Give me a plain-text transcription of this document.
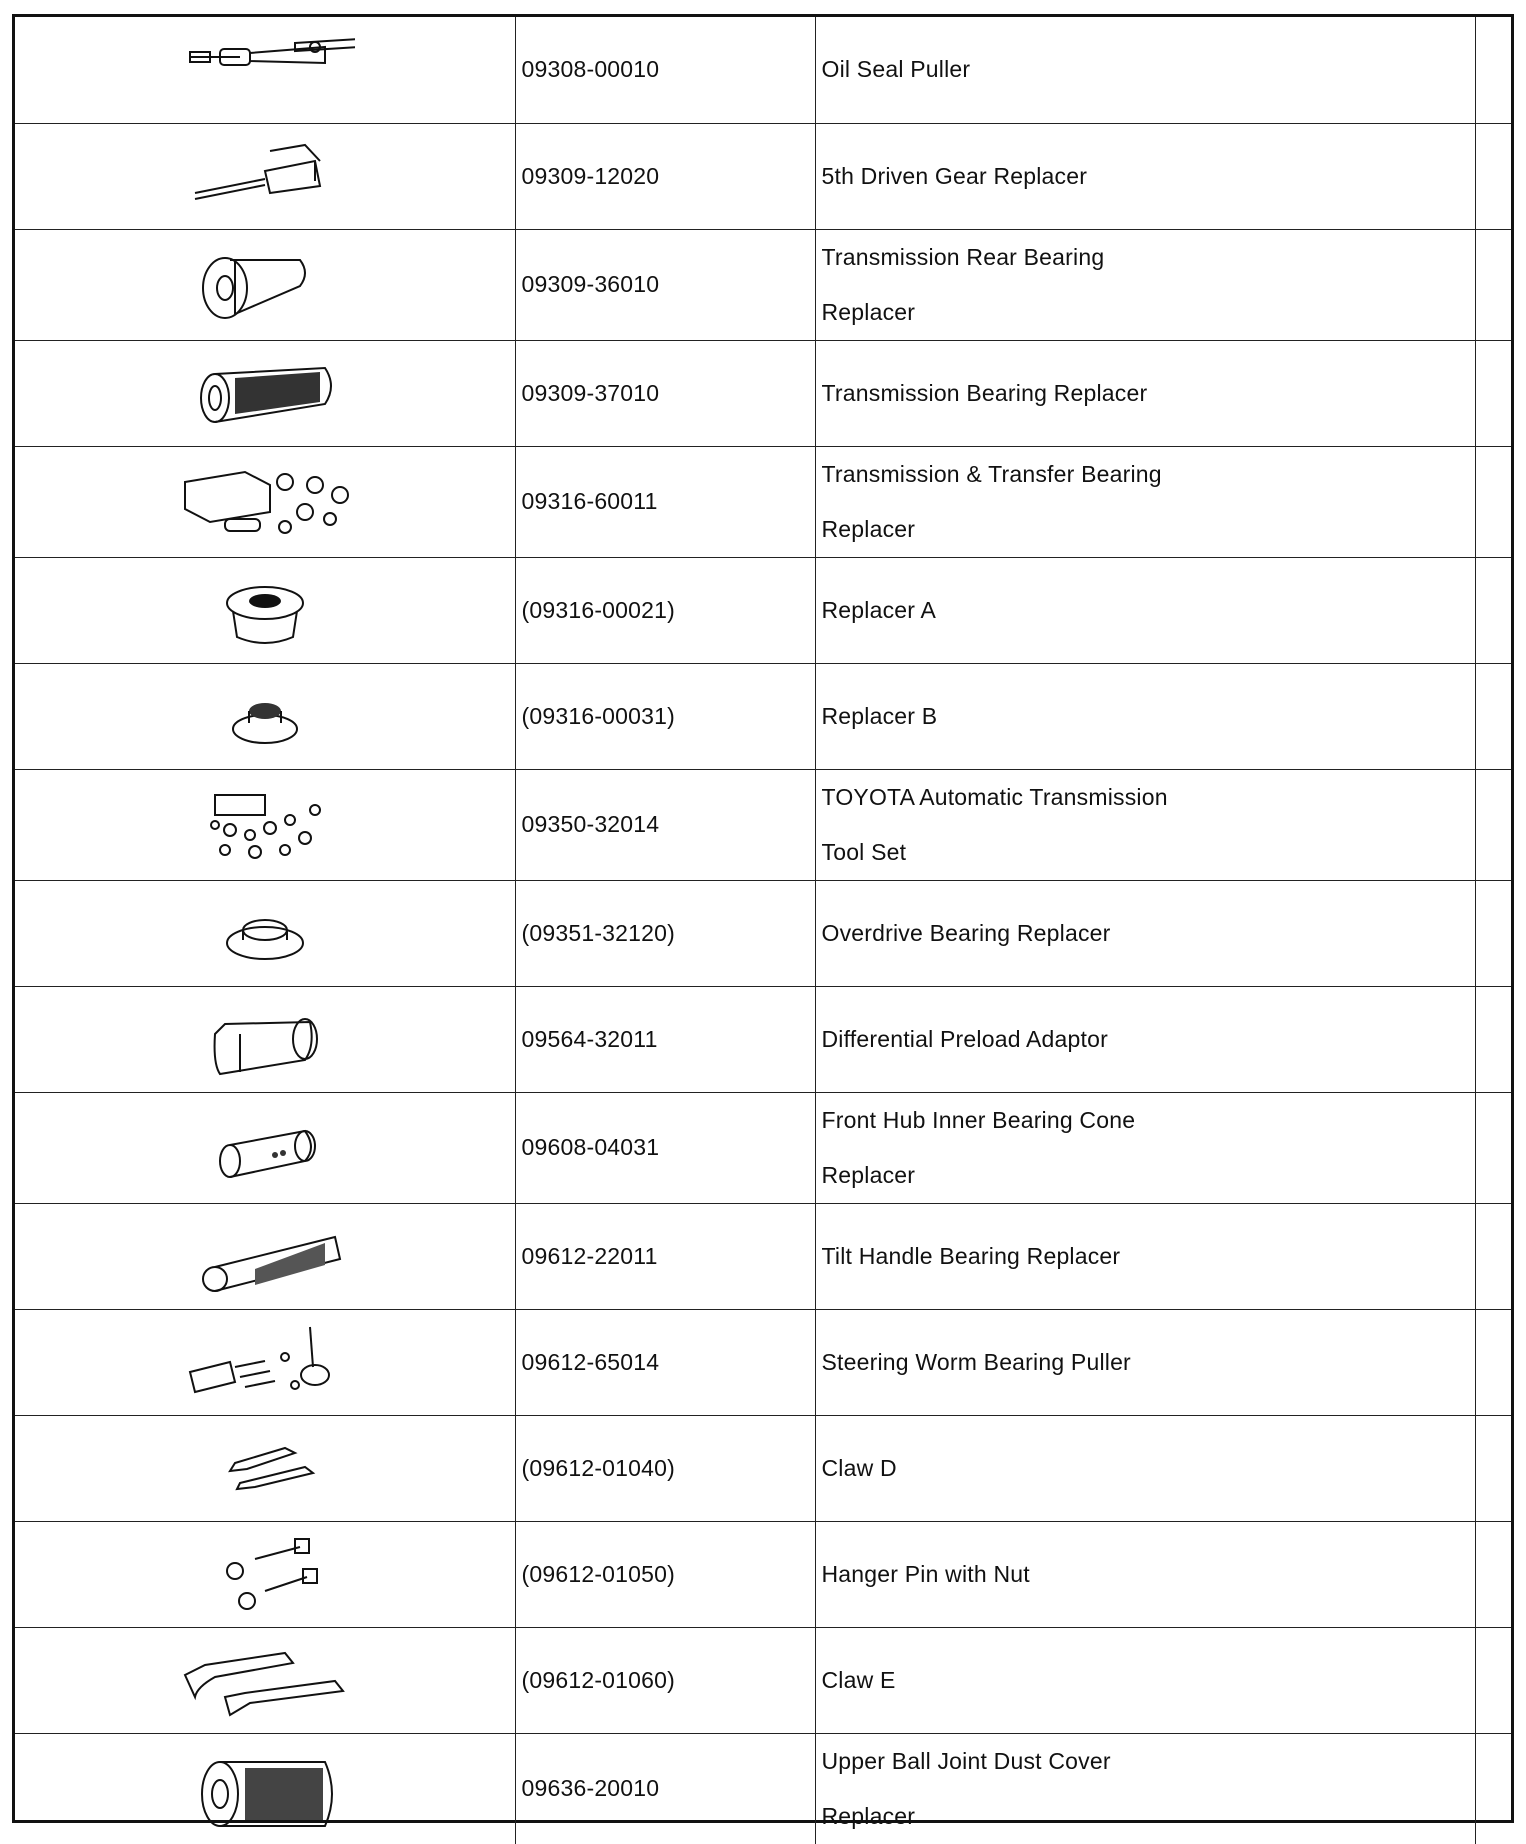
	09308-00010	Oil Seal Puller	

	09309-12020	5th Driven Gear Replacer	

	09309-36010	Transmission Rear Bearing
Replacer	

	09309-37010	Transmission Bearing Replacer	

	09316-60011	Transmission & Transfer Bearing
Replacer	

	(09316-00021)	Replacer A	

	(09316-00031)	Replacer B	

	09350-32014	TOYOTA Automatic Transmission
Tool Set	

	(09351-32120)	Overdrive Bearing Replacer	

	09564-32011	Differential Preload Adaptor	

	09608-04031	Front Hub Inner Bearing Cone
Replacer	

	09612-22011	Tilt Handle Bearing Replacer	

	09612-65014	Steering Worm Bearing Puller	

	(09612-01040)	Claw D	

	(09612-01050)	Hanger Pin with Nut	

	(09612-01060)	Claw E	

	09636-20010	Upper Ball Joint Dust Cover
Replacer	
